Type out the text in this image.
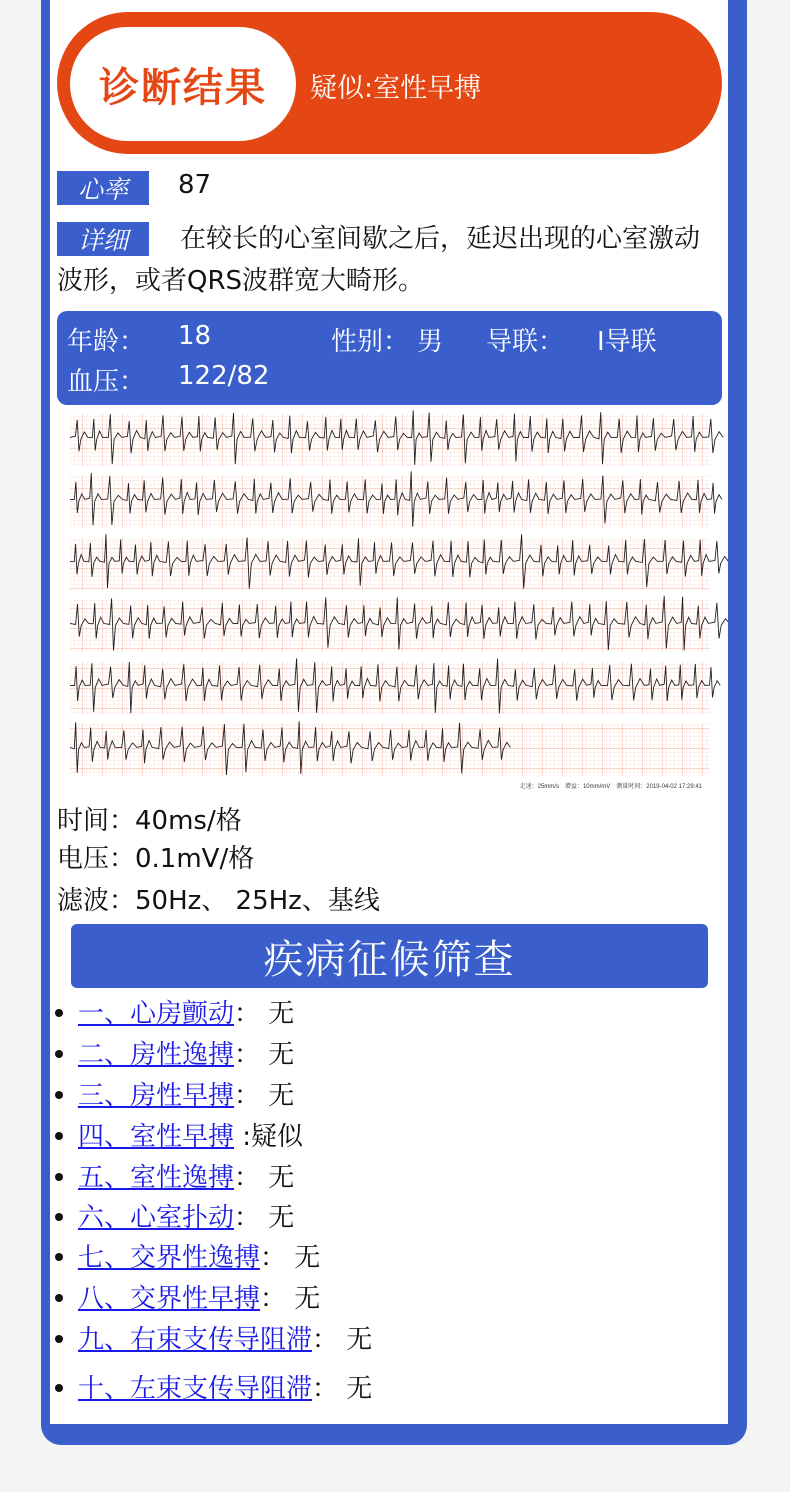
诊断结果	疑似:室性早搏
心率	87
详细	在较长的心室间歇之后，延迟出现的心室激动波形，或者QRS波群宽大畸形。
年龄： 18	性别： 男 导联： I导联
血压： 122/82
走速：25mm/s　增益：10mm/mV　测量时间：2019-04-02 17:29:41
时间：40ms/格
电压：0.1mV/格
滤波：50Hz、 25Hz、基线
疾病征候筛查
一、心房颤动： 无
二、房性逸搏： 无
三、房性早搏： 无
四、室性早搏 :疑似
五、室性逸搏： 无
六、心室扑动： 无
七、交界性逸搏： 无
八、交界性早搏： 无
九、右束支传导阻滞： 无
十、左束支传导阻滞： 无
